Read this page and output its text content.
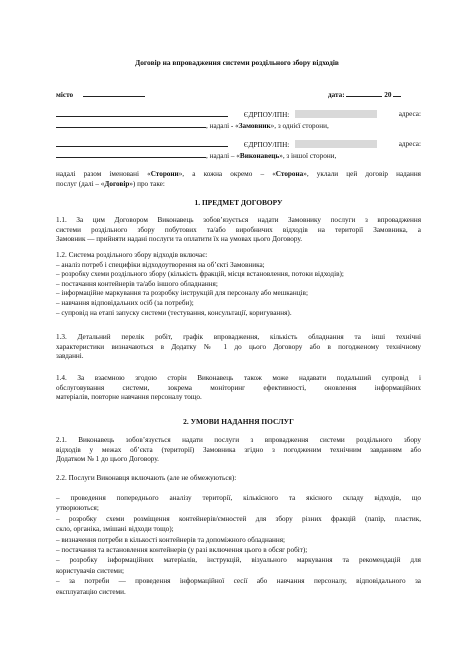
Договір на впровадження системи роздільного збору відходів
місто	дата:	20
ЄДРПОУ/ІПН:	адреса:
, надалі - «Замовник», з однієї сторони,
ЄДРПОУ/ІПН:	адреса:
, надалі – «Виконавець», з іншої сторони,
надалі разом іменовані «Сторони», а кожна окремо – «Сторона», уклали цей договір надання
послуг (далі – «Договір») про таке:
1. ПРЕДМЕТ ДОГОВОРУ
1.1. За цим Договором Виконавець зобов’язується надати Замовнику послуги з впровадження
системи роздільного збору побутових та/або виробничих відходів на території Замовника, а
Замовник — прийняти надані послуги та оплатити їх на умовах цього Договору.
1.2. Система роздільного збору відходів включає:
– аналіз потреб і специфіки відходоутворення на об’єкті Замовника;
– розробку схеми роздільного збору (кількість фракцій, місця встановлення, потоки відходів);
– постачання контейнерів та/або іншого обладнання;
– інформаційне маркування та розробку інструкцій для персоналу або мешканців;
– навчання відповідальних осіб (за потреби);
– супровід на етапі запуску системи (тестування, консультації, коригування).
1.3. Детальний перелік робіт, графік впровадження, кількість обладнання та інші технічні
характеристики визначаються в Додатку № 1 до цього Договору або в погодженому технічному
завданні.
1.4. За взаємною згодою сторін Виконавець також може надавати подальший супровід і
обслуговування системи, зокрема моніторинг ефективності, оновлення інформаційних
матеріалів, повторне навчання персоналу тощо.
2. УМОВИ НАДАННЯ ПОСЛУГ
2.1. Виконавець зобов’язується надати послуги з впровадження системи роздільного збору
відходів у межах об’єкта (території) Замовника згідно з погодженим технічним завданням або
Додатком № 1 до цього Договору.
2.2. Послуги Виконавця включають (але не обмежуються):
– проведення попереднього аналізу території, кількісного та якісного складу відходів, що
утворюються;
– розробку схеми розміщення контейнерів/ємностей для збору різних фракцій (папір, пластик,
скло, органіка, змішані відходи тощо);
– визначення потреби в кількості контейнерів та допоміжного обладнання;
– постачання та встановлення контейнерів (у разі включення цього в обсяг робіт);
– розробку інформаційних матеріалів, інструкцій, візуального маркування та рекомендацій для
користувачів системи;
– за потреби — проведення інформаційної сесії або навчання персоналу, відповідального за
експлуатацію системи.
